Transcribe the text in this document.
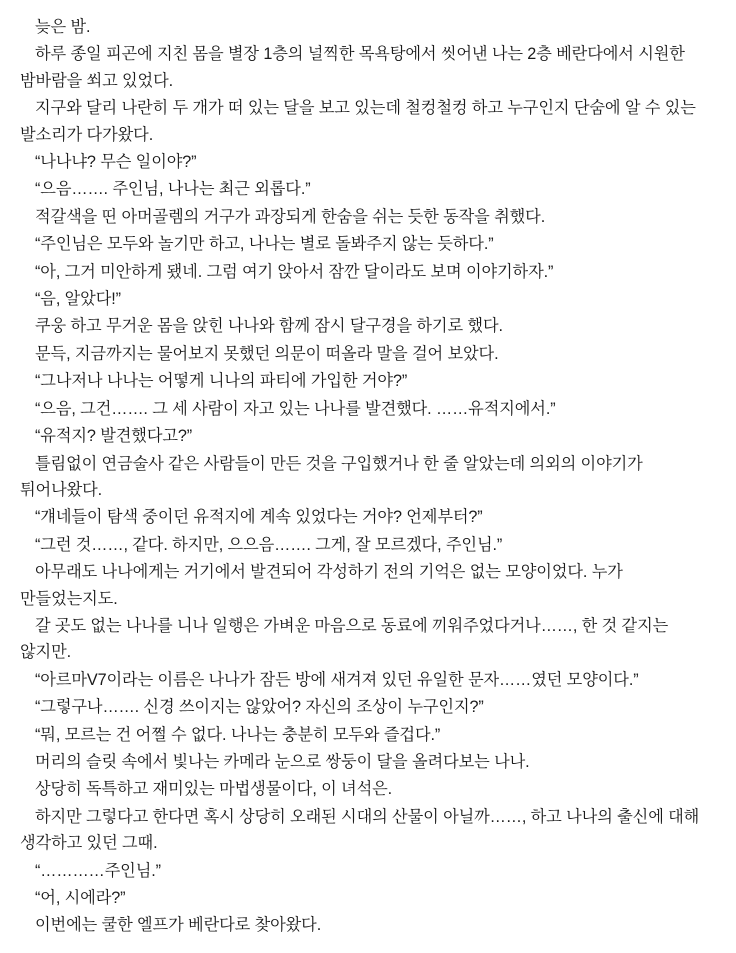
늦은 밤.

하루 종일 피곤에 지친 몸을 별장 1층의 널찍한 목욕탕에서 씻어낸 나는 2층 베란다에서 시원한 밤바람을 쐬고 있었다.

지구와 달리 나란히 두 개가 떠 있는 달을 보고 있는데 철컹철컹 하고 누구인지 단숨에 알 수 있는 발소리가 다가왔다.

“나나냐? 무슨 일이야?”

“으음……. 주인님, 나나는 최근 외롭다.”

적갈색을 띤 아머골렘의 거구가 과장되게 한숨을 쉬는 듯한 동작을 취했다.

“주인님은 모두와 놀기만 하고, 나나는 별로 돌봐주지 않는 듯하다.”

“아, 그거 미안하게 됐네. 그럼 여기 앉아서 잠깐 달이라도 보며 이야기하자.”

“음, 알았다!”

쿠웅 하고 무거운 몸을 앉힌 나나와 함께 잠시 달구경을 하기로 했다.

문득, 지금까지는 물어보지 못했던 의문이 떠올라 말을 걸어 보았다.

“그나저나 나나는 어떻게 니나의 파티에 가입한 거야?”

“으음, 그건……. 그 세 사람이 자고 있는 나나를 발견했다. ……유적지에서.”

“유적지? 발견했다고?”

틀림없이 연금술사 같은 사람들이 만든 것을 구입했거나 한 줄 알았는데 의외의 이야기가 튀어나왔다.

“걔네들이 탐색 중이던 유적지에 계속 있었다는 거야? 언제부터?”

“그런 것……, 같다. 하지만, 으으음……. 그게, 잘 모르겠다, 주인님.”

아무래도 나나에게는 거기에서 발견되어 각성하기 전의 기억은 없는 모양이었다. 누가 만들었는지도.

갈 곳도 없는 나나를 니나 일행은 가벼운 마음으로 동료에 끼워주었다거나……, 한 것 같지는 않지만.

“아르마V7이라는 이름은 나나가 잠든 방에 새겨져 있던 유일한 문자……였던 모양이다.”

“그렇구나……. 신경 쓰이지는 않았어? 자신의 조상이 누구인지?”

“뭐, 모르는 건 어쩔 수 없다. 나나는 충분히 모두와 즐겁다.”

머리의 슬릿 속에서 빛나는 카메라 눈으로 쌍둥이 달을 올려다보는 나나.

상당히 독특하고 재미있는 마법생물이다, 이 녀석은.

하지만 그렇다고 한다면 혹시 상당히 오래된 시대의 산물이 아닐까……, 하고 나나의 출신에 대해 생각하고 있던 그때.

“…………주인님.”

“어, 시에라?”

이번에는 쿨한 엘프가 베란다로 찾아왔다.
